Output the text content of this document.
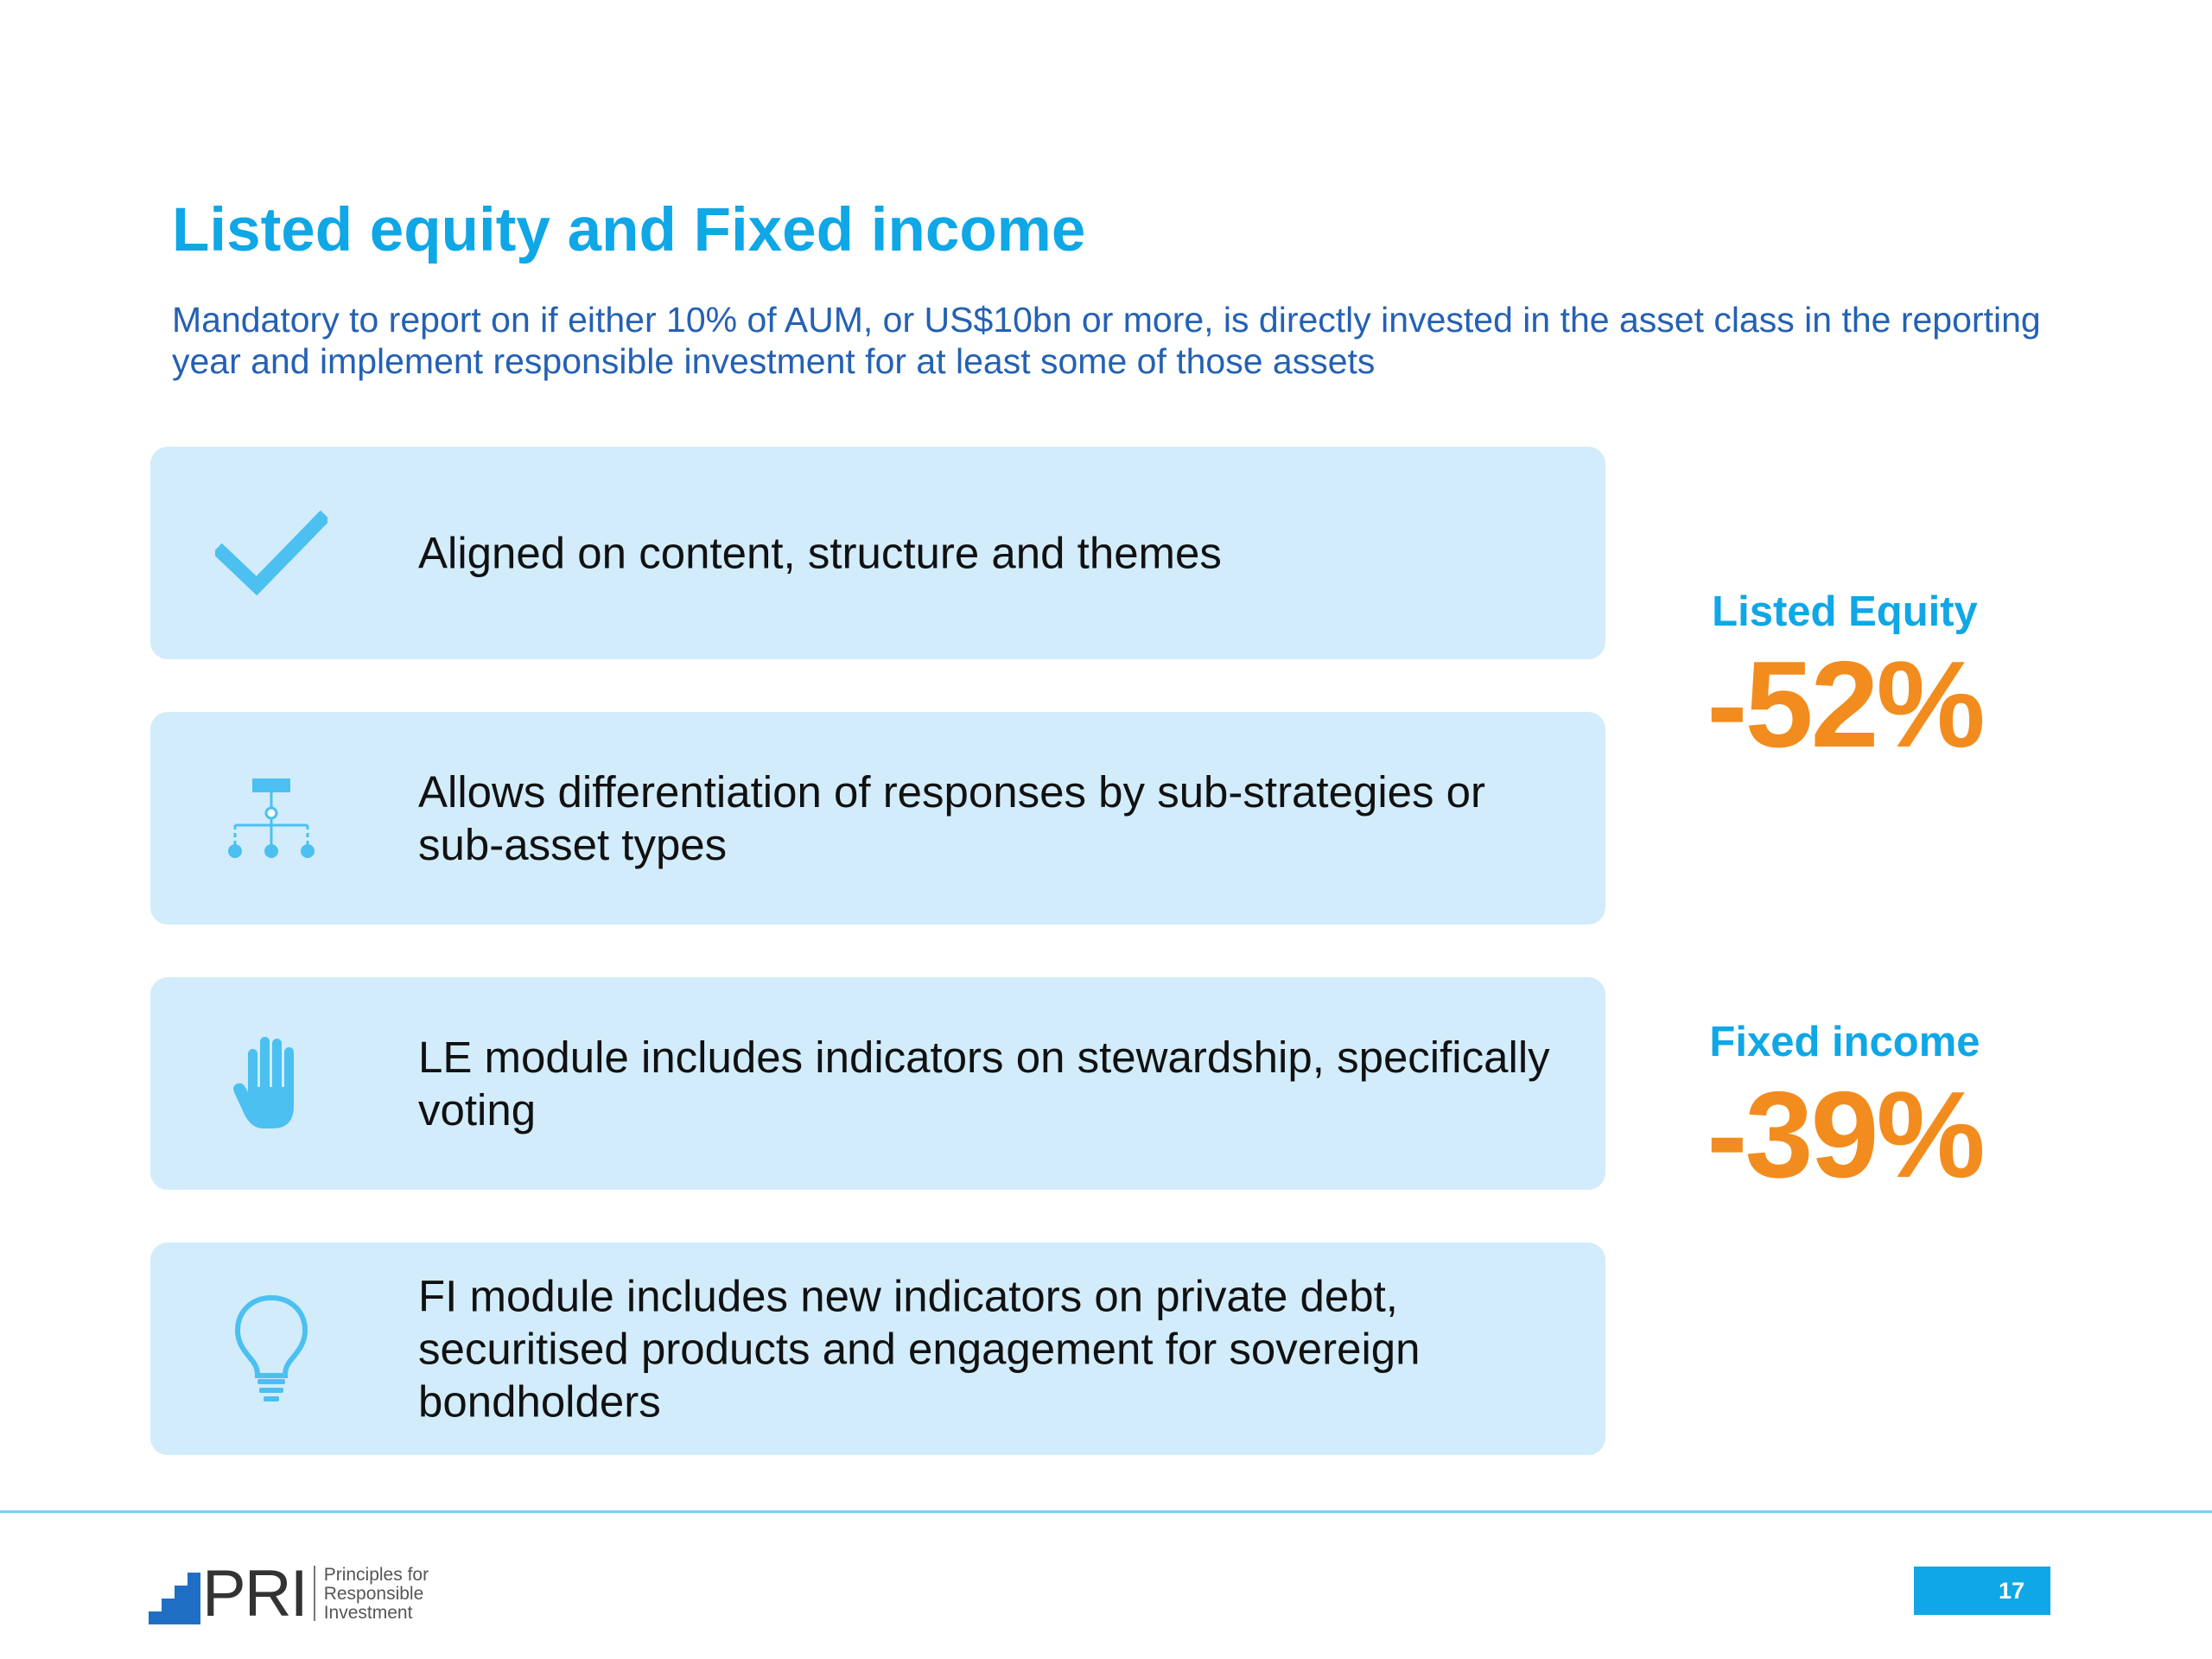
Listed equity and Fixed income

Mandatory to report on if either 10% of AUM, or US$10bn or more, is directly invested in the asset class in the reporting year and implement responsible investment for at least some of those assets

Aligned on content, structure and themes
Allows differentiation of responses by sub-strategies or sub-asset types
LE module includes indicators on stewardship, specifically voting
FI module includes new indicators on private debt, securitised products and engagement for sovereign bondholders
Listed Equity
-52%
Fixed income
-39%
PRI Principles for
Responsible
Investment
17
